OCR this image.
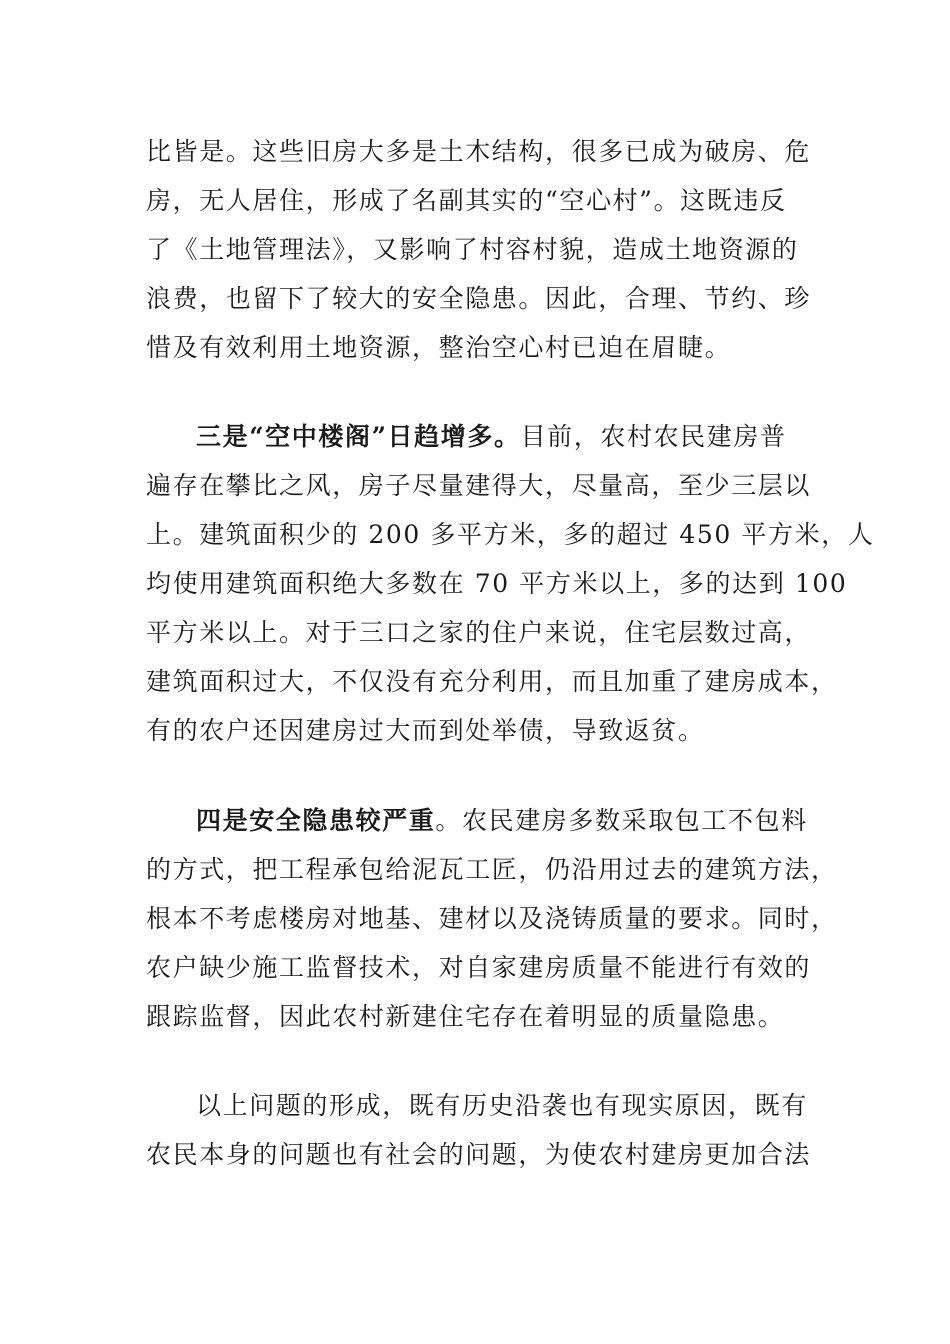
比皆是。这些旧房大多是土木结构，很多已成为破房、危
房，无人居住，形成了名副其实的“空心村”。这既违反
了《土地管理法》，又影响了村容村貌，造成土地资源的
浪费，也留下了较大的安全隐患。因此，合理、节约、珍
惜及有效利用土地资源，整治空心村已迫在眉睫。
三是“空中楼阁”日趋增多。目前，农村农民建房普
遍存在攀比之风，房子尽量建得大，尽量高，至少三层以
上。建筑面积少的 200 多平方米，多的超过 450 平方米，人
均使用建筑面积绝大多数在 70 平方米以上，多的达到 100
平方米以上。对于三口之家的住户来说，住宅层数过高，
建筑面积过大，不仅没有充分利用，而且加重了建房成本，
有的农户还因建房过大而到处举债，导致返贫。
四是安全隐患较严重。农民建房多数采取包工不包料
的方式，把工程承包给泥瓦工匠，仍沿用过去的建筑方法，
根本不考虑楼房对地基、建材以及浇铸质量的要求。同时，
农户缺少施工监督技术，对自家建房质量不能进行有效的
跟踪监督，因此农村新建住宅存在着明显的质量隐患。
以上问题的形成，既有历史沿袭也有现实原因，既有
农民本身的问题也有社会的问题，为使农村建房更加合法
